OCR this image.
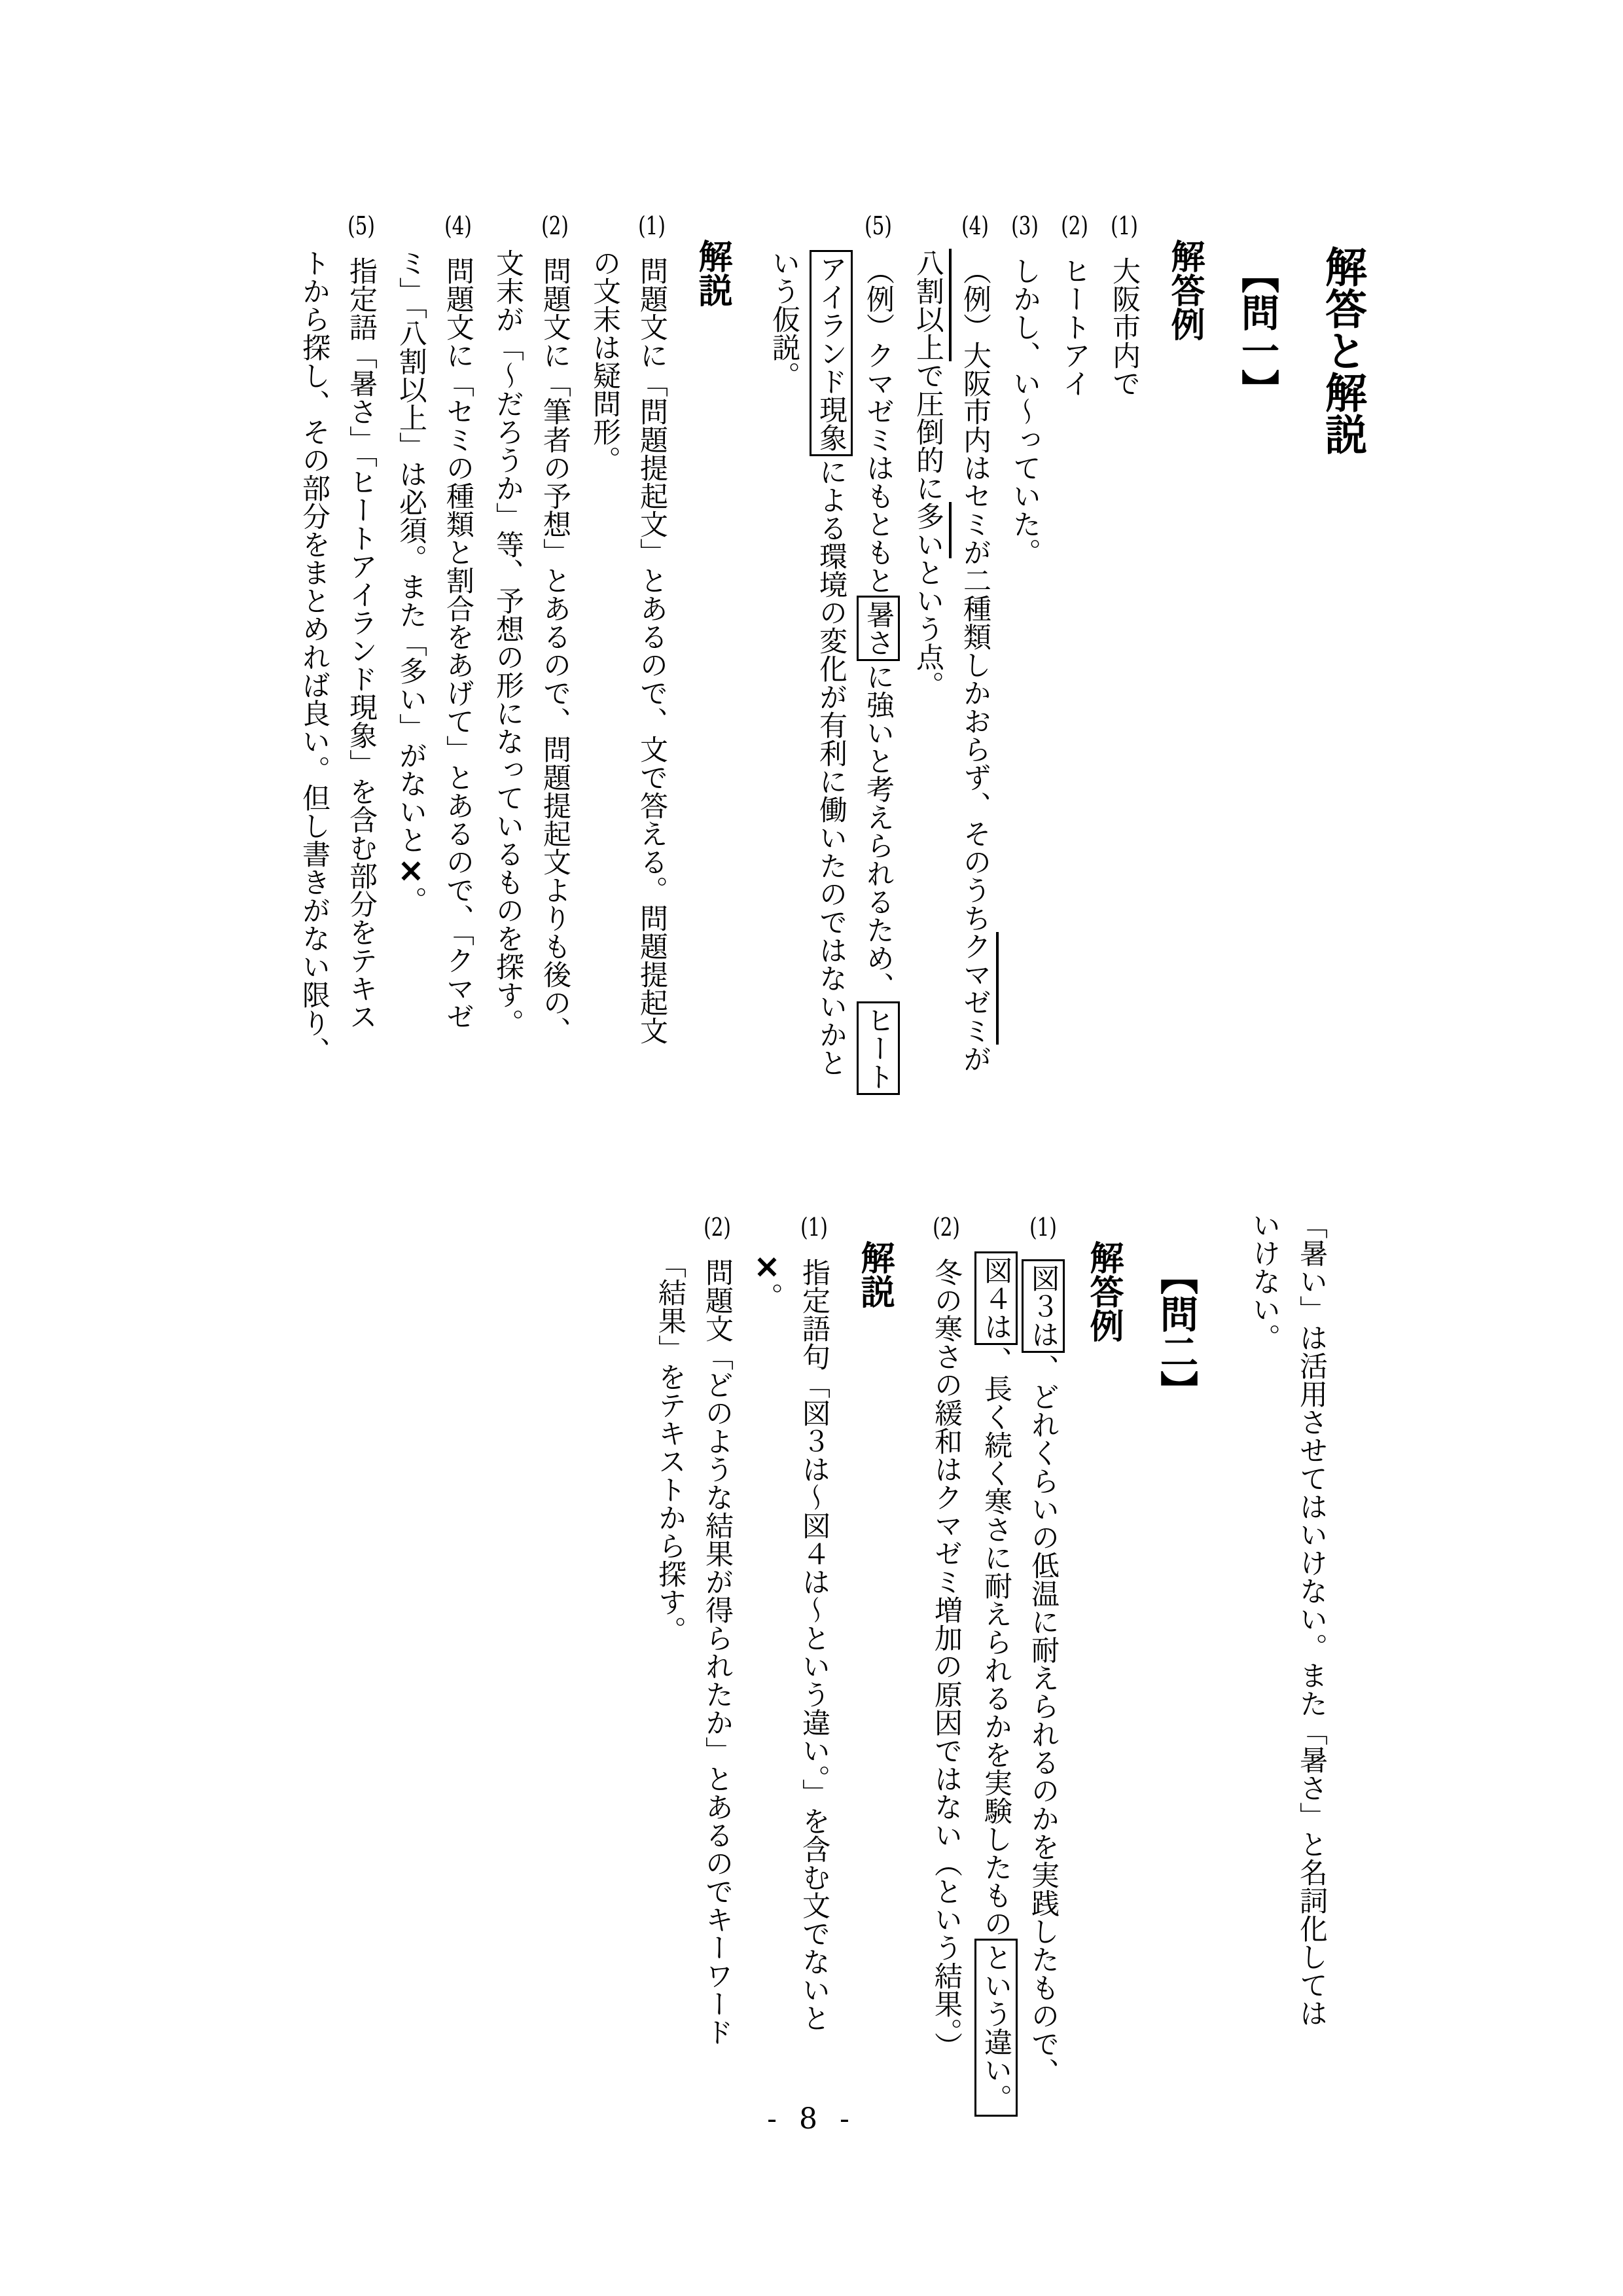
解答と解説
【問一】
解答例

(1)大阪市内で

(2)ヒートアイ

(3)しかし、い～っていた。

(4)（例）大阪市内はセミが二種類しかおらず、そのうちクマゼミが

八割以上で圧倒的に多いという点。

(5)（例）クマゼミはもともと暑さに強いと考えられるため、ヒート

アイランド現象による環境の変化が有利に働いたのではないかと

いう仮説。

解説

(1)問題文に「問題提起文」とあるので、文で答える。問題提起文

の文末は疑問形。

(2)問題文に「筆者の予想」とあるので、問題提起文よりも後の、

文末が「～だろうか」等、予想の形になっているものを探す。

(4)問題文に「セミの種類と割合をあげて」とあるので、「クマゼ

ミ」「八割以上」は必須。また「多い」がないと×。

(5)指定語「暑さ」「ヒートアイランド現象」を含む部分をテキス

トから探し、その部分をまとめれば良い。但し書きがない限り、

「暑い」は活用させてはいけない。また「暑さ」と名詞化しては

いけない。

【問二】
解答例

(1)図３は、どれくらいの低温に耐えられるのかを実践したもので、

図４は、長く続く寒さに耐えられるかを実験したものという違い。

(2)冬の寒さの緩和はクマゼミ増加の原因ではない（という結果。）

解説

(1)指定語句「図３は～図４は～という違い。」を含む文でないと

×。

(2)問題文「どのような結果が得られたか」とあるのでキーワード

「結果」をテキストから探す。

- 8 -
